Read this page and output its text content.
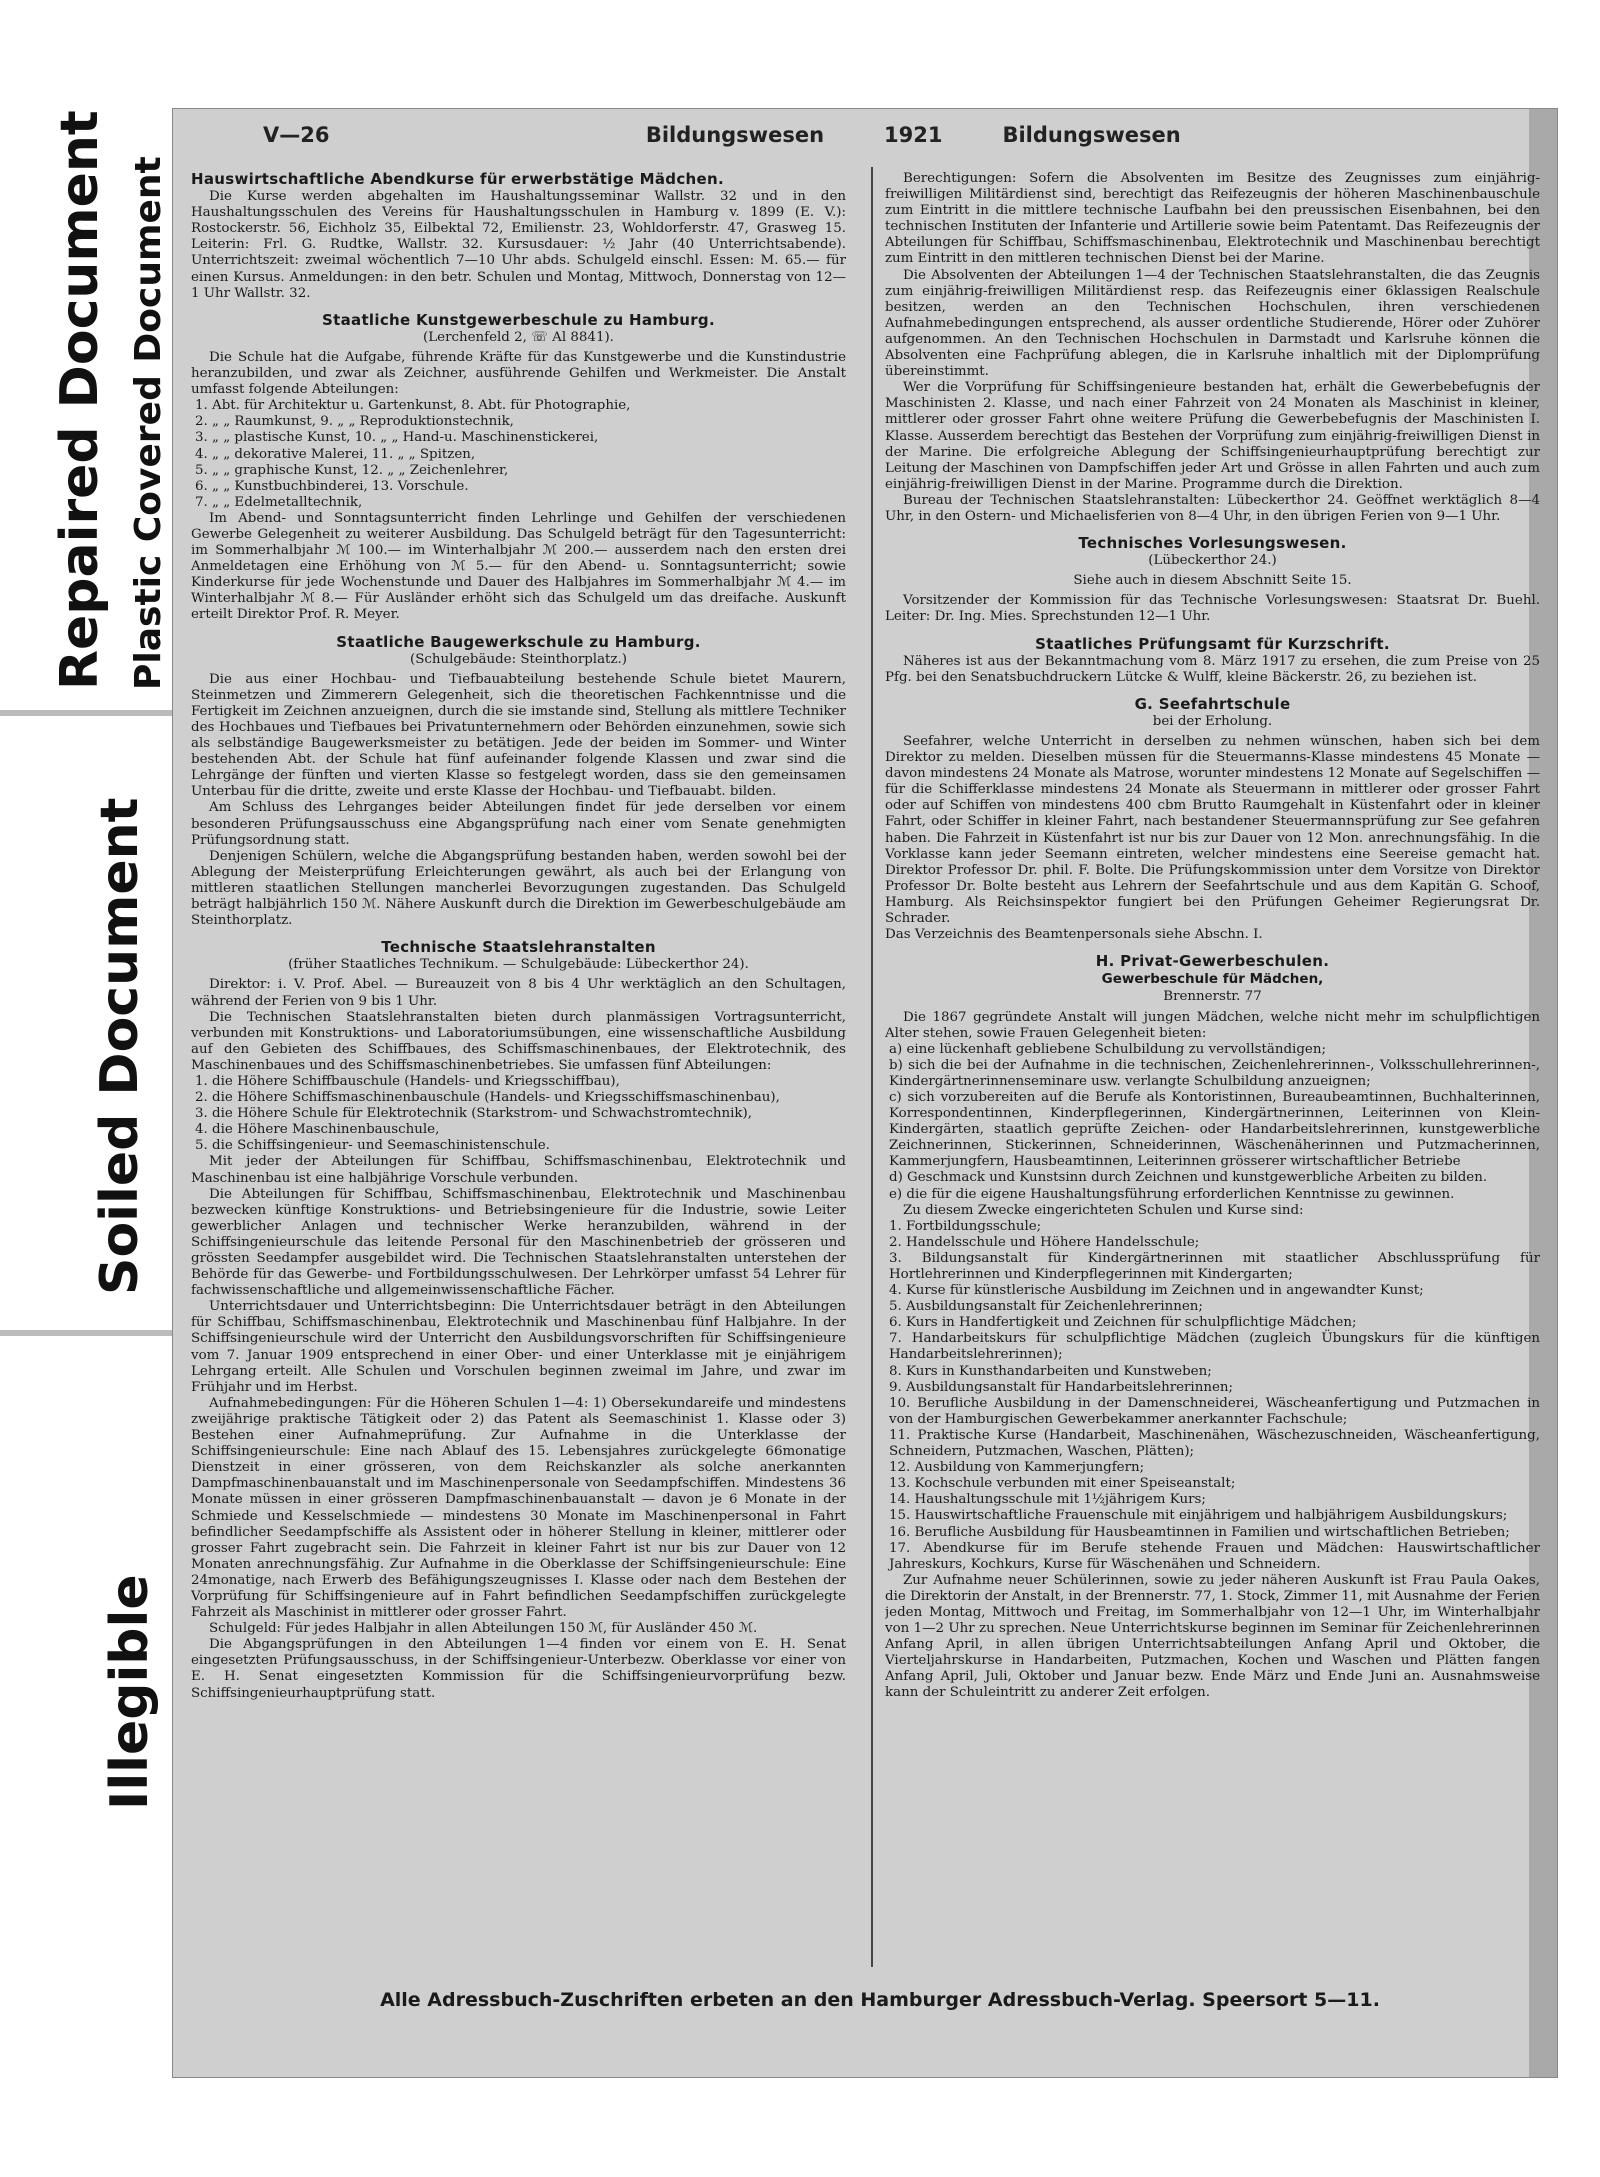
Repaired Document Plastic Covered Document
Soiled Document
Illegible
V—26	Bildungswesen	1921	Bildungswesen
Hauswirtschaftliche Abendkurse für erwerbstätige Mädchen.

Die Kurse werden abgehalten im Haushaltungsseminar Wallstr. 32 und in den Haushaltungsschulen des Vereins für Haushaltungsschulen in Hamburg v. 1899 (E. V.): Rostockerstr. 56, Eichholz 35, Eilbektal 72, Emilienstr. 23, Wohldorferstr. 47, Grasweg 15. Leiterin: Frl. G. Rudtke, Wallstr. 32. Kursusdauer: ½ Jahr (40 Unterrichtsabende). Unterrichtszeit: zweimal wöchentlich 7—10 Uhr abds. Schulgeld einschl. Essen: M. 65.— für einen Kursus. Anmeldungen: in den betr. Schulen und Montag, Mittwoch, Donnerstag von 12—1 Uhr Wallstr. 32.

Staatliche Kunstgewerbeschule zu Hamburg.
(Lerchenfeld 2, ☏ Al 8841).

Die Schule hat die Aufgabe, führende Kräfte für das Kunstgewerbe und die Kunstindustrie heranzubilden, und zwar als Zeichner, ausführende Gehilfen und Werkmeister. Die Anstalt umfasst folgende Abteilungen:

1. Abt. für Architektur u. Gartenkunst, 8. Abt. für Photographie,
2. „ „ Raumkunst, 9. „ „ Reproduktionstechnik,
3. „ „ plastische Kunst, 10. „ „ Hand-u. Maschinenstickerei,
4. „ „ dekorative Malerei, 11. „ „ Spitzen,
5. „ „ graphische Kunst, 12. „ „ Zeichenlehrer,
6. „ „ Kunstbuchbinderei, 13. Vorschule.
7. „ „ Edelmetalltechnik,

Im Abend- und Sonntagsunterricht finden Lehrlinge und Gehilfen der verschiedenen Gewerbe Gelegenheit zu weiterer Ausbildung. Das Schulgeld beträgt für den Tagesunterricht: im Sommerhalbjahr ℳ 100.— im Winterhalbjahr ℳ 200.— ausserdem nach den ersten drei Anmeldetagen eine Erhöhung von ℳ 5.— für den Abend- u. Sonntagsunterricht; sowie Kinderkurse für jede Wochenstunde und Dauer des Halbjahres im Sommerhalbjahr ℳ 4.— im Winterhalbjahr ℳ 8.— Für Ausländer erhöht sich das Schulgeld um das dreifache. Auskunft erteilt Direktor Prof. R. Meyer.

Staatliche Baugewerkschule zu Hamburg.
(Schulgebäude: Steinthorplatz.)

Die aus einer Hochbau- und Tiefbauabteilung bestehende Schule bietet Maurern, Steinmetzen und Zimmerern Gelegenheit, sich die theoretischen Fachkenntnisse und die Fertigkeit im Zeichnen anzueignen, durch die sie imstande sind, Stellung als mittlere Techniker des Hochbaues und Tiefbaues bei Privatunternehmern oder Behörden einzunehmen, sowie sich als selbständige Baugewerksmeister zu betätigen. Jede der beiden im Sommer- und Winter bestehenden Abt. der Schule hat fünf aufeinander folgende Klassen und zwar sind die Lehrgänge der fünften und vierten Klasse so festgelegt worden, dass sie den gemeinsamen Unterbau für die dritte, zweite und erste Klasse der Hochbau- und Tiefbauabt. bilden.

Am Schluss des Lehrganges beider Abteilungen findet für jede derselben vor einem besonderen Prüfungsausschuss eine Abgangsprüfung nach einer vom Senate genehmigten Prüfungsordnung statt.

Denjenigen Schülern, welche die Abgangsprüfung bestanden haben, werden sowohl bei der Ablegung der Meisterprüfung Erleichterungen gewährt, als auch bei der Erlangung von mittleren staatlichen Stellungen mancherlei Bevorzugungen zugestanden. Das Schulgeld beträgt halbjährlich 150 ℳ. Nähere Auskunft durch die Direktion im Gewerbeschulgebäude am Steinthorplatz.

Technische Staatslehranstalten
(früher Staatliches Technikum. — Schulgebäude: Lübeckerthor 24).

Direktor: i. V. Prof. Abel. — Bureauzeit von 8 bis 4 Uhr werktäglich an den Schultagen, während der Ferien von 9 bis 1 Uhr.

Die Technischen Staatslehranstalten bieten durch planmässigen Vortragsunterricht, verbunden mit Konstruktions- und Laboratoriumsübungen, eine wissenschaftliche Ausbildung auf den Gebieten des Schiffbaues, des Schiffsmaschinenbaues, der Elektrotechnik, des Maschinenbaues und des Schiffsmaschinenbetriebes. Sie umfassen fünf Abteilungen:

1. die Höhere Schiffbauschule (Handels- und Kriegsschiffbau),
2. die Höhere Schiffsmaschinenbauschule (Handels- und Kriegsschiffsmaschinenbau),
3. die Höhere Schule für Elektrotechnik (Starkstrom- und Schwachstromtechnik),
4. die Höhere Maschinenbauschule,
5. die Schiffsingenieur- und Seemaschinistenschule.

Mit jeder der Abteilungen für Schiffbau, Schiffsmaschinenbau, Elektrotechnik und Maschinenbau ist eine halbjährige Vorschule verbunden.

Die Abteilungen für Schiffbau, Schiffsmaschinenbau, Elektrotechnik und Maschinenbau bezwecken künftige Konstruktions- und Betriebsingenieure für die Industrie, sowie Leiter gewerblicher Anlagen und technischer Werke heranzubilden, während in der Schiffsingenieurschule das leitende Personal für den Maschinenbetrieb der grösseren und grössten Seedampfer ausgebildet wird. Die Technischen Staatslehranstalten unterstehen der Behörde für das Gewerbe- und Fortbildungsschulwesen. Der Lehrkörper umfasst 54 Lehrer für fachwissenschaftliche und allgemeinwissenschaftliche Fächer.

Unterrichtsdauer und Unterrichtsbeginn: Die Unterrichtsdauer beträgt in den Abteilungen für Schiffbau, Schiffsmaschinenbau, Elektrotechnik und Maschinenbau fünf Halbjahre. In der Schiffsingenieurschule wird der Unterricht den Ausbildungsvorschriften für Schiffsingenieure vom 7. Januar 1909 entsprechend in einer Ober- und einer Unterklasse mit je einjährigem Lehrgang erteilt. Alle Schulen und Vorschulen beginnen zweimal im Jahre, und zwar im Frühjahr und im Herbst.

Aufnahmebedingungen: Für die Höheren Schulen 1—4: 1) Obersekundareife und mindestens zweijährige praktische Tätigkeit oder 2) das Patent als Seemaschinist 1. Klasse oder 3) Bestehen einer Aufnahmeprüfung. Zur Aufnahme in die Unterklasse der Schiffsingenieurschule: Eine nach Ablauf des 15. Lebensjahres zurückgelegte 66monatige Dienstzeit in einer grösseren, von dem Reichskanzler als solche anerkannten Dampfmaschinenbauanstalt und im Maschinenpersonale von Seedampfschiffen. Mindestens 36 Monate müssen in einer grösseren Dampfmaschinenbauanstalt — davon je 6 Monate in der Schmiede und Kesselschmiede — mindestens 30 Monate im Maschinenpersonal in Fahrt befindlicher Seedampfschiffe als Assistent oder in höherer Stellung in kleiner, mittlerer oder grosser Fahrt zugebracht sein. Die Fahrzeit in kleiner Fahrt ist nur bis zur Dauer von 12 Monaten anrechnungsfähig. Zur Aufnahme in die Oberklasse der Schiffsingenieurschule: Eine 24monatige, nach Erwerb des Befähigungszeugnisses I. Klasse oder nach dem Bestehen der Vorprüfung für Schiffsingenieure auf in Fahrt befindlichen Seedampfschiffen zurückgelegte Fahrzeit als Maschinist in mittlerer oder grosser Fahrt.

Schulgeld: Für jedes Halbjahr in allen Abteilungen 150 ℳ, für Ausländer 450 ℳ.

Die Abgangsprüfungen in den Abteilungen 1—4 finden vor einem von E. H. Senat eingesetzten Prüfungsausschuss, in der Schiffsingenieur-Unterbezw. Oberklasse vor einer von E. H. Senat eingesetzten Kommission für die Schiffsingenieurvorprüfung bezw. Schiffsingenieurhauptprüfung statt.

Berechtigungen: Sofern die Absolventen im Besitze des Zeugnisses zum einjährig-freiwilligen Militärdienst sind, berechtigt das Reifezeugnis der höheren Maschinenbauschule zum Eintritt in die mittlere technische Laufbahn bei den preussischen Eisenbahnen, bei den technischen Instituten der Infanterie und Artillerie sowie beim Patentamt. Das Reifezeugnis der Abteilungen für Schiffbau, Schiffsmaschinenbau, Elektrotechnik und Maschinenbau berechtigt zum Eintritt in den mittleren technischen Dienst bei der Marine.

Die Absolventen der Abteilungen 1—4 der Technischen Staatslehranstalten, die das Zeugnis zum einjährig-freiwilligen Militärdienst resp. das Reifezeugnis einer 6klassigen Realschule besitzen, werden an den Technischen Hochschulen, ihren verschiedenen Aufnahmebedingungen entsprechend, als ausser ordentliche Studierende, Hörer oder Zuhörer aufgenommen. An den Technischen Hochschulen in Darmstadt und Karlsruhe können die Absolventen eine Fachprüfung ablegen, die in Karlsruhe inhaltlich mit der Diplomprüfung übereinstimmt.

Wer die Vorprüfung für Schiffsingenieure bestanden hat, erhält die Gewerbebefugnis der Maschinisten 2. Klasse, und nach einer Fahrzeit von 24 Monaten als Maschinist in kleiner, mittlerer oder grosser Fahrt ohne weitere Prüfung die Gewerbebefugnis der Maschinisten I. Klasse. Ausserdem berechtigt das Bestehen der Vorprüfung zum einjährig-freiwilligen Dienst in der Marine. Die erfolgreiche Ablegung der Schiffsingenieurhauptprüfung berechtigt zur Leitung der Maschinen von Dampfschiffen jeder Art und Grösse in allen Fahrten und auch zum einjährig-freiwilligen Dienst in der Marine. Programme durch die Direktion.

Bureau der Technischen Staatslehranstalten: Lübeckerthor 24. Geöffnet werktäglich 8—4 Uhr, in den Ostern- und Michaelisferien von 8—4 Uhr, in den übrigen Ferien von 9—1 Uhr.

Technisches Vorlesungswesen.
(Lübeckerthor 24.)
Siehe auch in diesem Abschnitt Seite 15.

Vorsitzender der Kommission für das Technische Vorlesungswesen: Staatsrat Dr. Buehl. Leiter: Dr. Ing. Mies. Sprechstunden 12—1 Uhr.

Staatliches Prüfungsamt für Kurzschrift.

Näheres ist aus der Bekanntmachung vom 8. März 1917 zu ersehen, die zum Preise von 25 Pfg. bei den Senatsbuchdruckern Lütcke & Wulff, kleine Bäckerstr. 26, zu beziehen ist.

G. Seefahrtschule
bei der Erholung.

Seefahrer, welche Unterricht in derselben zu nehmen wünschen, haben sich bei dem Direktor zu melden. Dieselben müssen für die Steuermanns-Klasse mindestens 45 Monate — davon mindestens 24 Monate als Matrose, worunter mindestens 12 Monate auf Segelschiffen — für die Schifferklasse mindestens 24 Monate als Steuermann in mittlerer oder grosser Fahrt oder auf Schiffen von mindestens 400 cbm Brutto Raumgehalt in Küstenfahrt oder in kleiner Fahrt, oder Schiffer in kleiner Fahrt, nach bestandener Steuermannsprüfung zur See gefahren haben. Die Fahrzeit in Küstenfahrt ist nur bis zur Dauer von 12 Mon. anrechnungsfähig. In die Vorklasse kann jeder Seemann eintreten, welcher mindestens eine Seereise gemacht hat. Direktor Professor Dr. phil. F. Bolte. Die Prüfungskommission unter dem Vorsitze von Direktor Professor Dr. Bolte besteht aus Lehrern der Seefahrtschule und aus dem Kapitän G. Schoof, Hamburg. Als Reichsinspektor fungiert bei den Prüfungen Geheimer Regierungsrat Dr. Schrader.

Das Verzeichnis des Beamtenpersonals siehe Abschn. I.

H. Privat-Gewerbeschulen.
Gewerbeschule für Mädchen,
Brennerstr. 77

Die 1867 gegründete Anstalt will jungen Mädchen, welche nicht mehr im schulpflichtigen Alter stehen, sowie Frauen Gelegenheit bieten:

a) eine lückenhaft gebliebene Schulbildung zu vervollständigen;
b) sich die bei der Aufnahme in die technischen, Zeichenlehrerinnen-, Volksschullehrerinnen-, Kindergärtnerinnenseminare usw. verlangte Schulbildung anzueignen;
c) sich vorzubereiten auf die Berufe als Kontoristinnen, Bureaubeamtinnen, Buchhalterinnen, Korrespondentinnen, Kinderpflegerinnen, Kindergärtnerinnen, Leiterinnen von Klein-Kindergärten, staatlich geprüfte Zeichen- oder Handarbeitslehrerinnen, kunstgewerbliche Zeichnerinnen, Stickerinnen, Schneiderinnen, Wäschenäherinnen und Putzmacherinnen, Kammerjungfern, Hausbeamtinnen, Leiterinnen grösserer wirtschaftlicher Betriebe
d) Geschmack und Kunstsinn durch Zeichnen und kunstgewerbliche Arbeiten zu bilden.
e) die für die eigene Haushaltungsführung erforderlichen Kenntnisse zu gewinnen.

Zu diesem Zwecke eingerichteten Schulen und Kurse sind:

1. Fortbildungsschule;
2. Handelsschule und Höhere Handelsschule;
3. Bildungsanstalt für Kindergärtnerinnen mit staatlicher Abschlussprüfung für Hortlehrerinnen und Kinderpflegerinnen mit Kindergarten;
4. Kurse für künstlerische Ausbildung im Zeichnen und in angewandter Kunst;
5. Ausbildungsanstalt für Zeichenlehrerinnen;
6. Kurs in Handfertigkeit und Zeichnen für schulpflichtige Mädchen;
7. Handarbeitskurs für schulpflichtige Mädchen (zugleich Übungskurs für die künftigen Handarbeitslehrerinnen);
8. Kurs in Kunsthandarbeiten und Kunstweben;
9. Ausbildungsanstalt für Handarbeitslehrerinnen;
10. Berufliche Ausbildung in der Damenschneiderei, Wäscheanfertigung und Putzmachen in von der Hamburgischen Gewerbekammer anerkannter Fachschule;
11. Praktische Kurse (Handarbeit, Maschinenähen, Wäschezuschneiden, Wäscheanfertigung, Schneidern, Putzmachen, Waschen, Plätten);
12. Ausbildung von Kammerjungfern;
13. Kochschule verbunden mit einer Speiseanstalt;
14. Haushaltungsschule mit 1½jährigem Kurs;
15. Hauswirtschaftliche Frauenschule mit einjährigem und halbjährigem Ausbildungskurs;
16. Berufliche Ausbildung für Hausbeamtinnen in Familien und wirtschaftlichen Betrieben;
17. Abendkurse für im Berufe stehende Frauen und Mädchen: Hauswirtschaftlicher Jahreskurs, Kochkurs, Kurse für Wäschenähen und Schneidern.

Zur Aufnahme neuer Schülerinnen, sowie zu jeder näheren Auskunft ist Frau Paula Oakes, die Direktorin der Anstalt, in der Brennerstr. 77, 1. Stock, Zimmer 11, mit Ausnahme der Ferien jeden Montag, Mittwoch und Freitag, im Sommerhalbjahr von 12—1 Uhr, im Winterhalbjahr von 1—2 Uhr zu sprechen. Neue Unterrichtskurse beginnen im Seminar für Zeichenlehrerinnen Anfang April, in allen übrigen Unterrichtsabteilungen Anfang April und Oktober, die Vierteljahrskurse in Handarbeiten, Putzmachen, Kochen und Waschen und Plätten fangen Anfang April, Juli, Oktober und Januar bezw. Ende März und Ende Juni an. Ausnahmsweise kann der Schuleintritt zu anderer Zeit erfolgen.

Alle Adressbuch-Zuschriften erbeten an den Hamburger Adressbuch-Verlag. Speersort 5—11.
